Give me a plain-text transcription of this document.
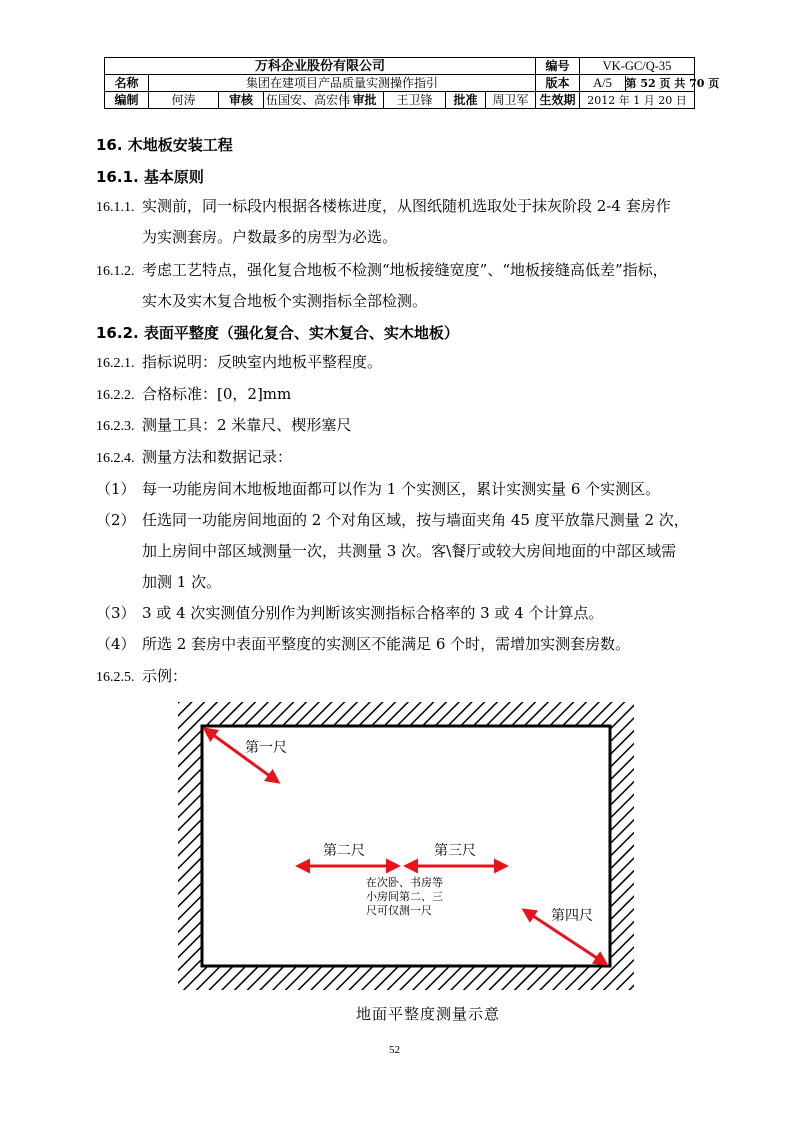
万科企业股份有限公司								编号	VK-GC/Q-35
名称	集团在建项目产品质量实测操作指引							版本	A/5 第 52 页 共 70 页
编制	何涛	审核	伍国安、高宏伟	审批	王卫锋	批准	周卫军	生效期	2012 年 1 月 20 日
16. 木地板安装工程
16.1. 基本原则
16.1.1. 实测前，同一标段内根据各楼栋进度，从图纸随机选取处于抹灰阶段 2-4 套房作
为实测套房。户数最多的房型为必选。
16.1.2. 考虑工艺特点，强化复合地板不检测“地板接缝宽度”、“地板接缝高低差”指标，
实木及实木复合地板个实测指标全部检测。
16.2. 表面平整度（强化复合、实木复合、实木地板）
16.2.1. 指标说明：反映室内地板平整程度。
16.2.2. 合格标准：[0，2]mm
16.2.3. 测量工具：2 米靠尺、楔形塞尺
16.2.4. 测量方法和数据记录：
（1） 每一功能房间木地板地面都可以作为 1 个实测区，累计实测实量 6 个实测区。
（2） 任选同一功能房间地面的 2 个对角区域，按与墙面夹角 45 度平放靠尺测量 2 次，
加上房间中部区域测量一次，共测量 3 次。客\餐厅或较大房间地面的中部区域需
加测 1 次。
（3） 3 或 4 次实测值分别作为判断该实测指标合格率的 3 或 4 个计算点。
（4） 所选 2 套房中表面平整度的实测区不能满足 6 个时，需增加实测套房数。
16.2.5. 示例：
第一尺
第二尺	第三尺
第四尺
在次卧、书房等
小房间第二、三
尺可仅测一尺
地面平整度测量示意
52
